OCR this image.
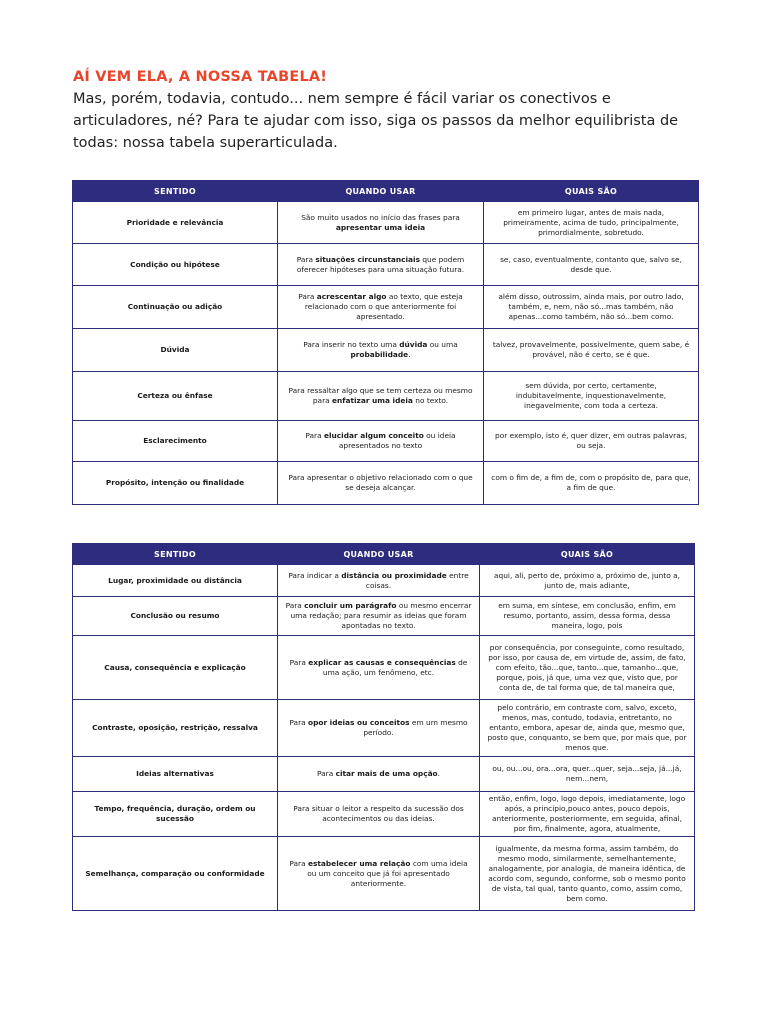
AÍ VEM ELA, A NOSSA TABELA!

Mas, porém, todavia, contudo... nem sempre é fácil variar os conectivos e articuladores, né? Para te ajudar com isso, siga os passos da melhor equilibrista de todas: nossa tabela superarticulada.

SENTIDO	QUANDO USAR	QUAIS SÃO
Prioridade e relevância	São muito usados no início das frases para apresentar uma ideia	em primeiro lugar, antes de mais nada, primeiramente, acima de tudo, principalmente, primordialmente, sobretudo.
Condição ou hipótese	Para situações circunstanciais que podem oferecer hipóteses para uma situação futura.	se, caso, eventualmente, contanto que, salvo se, desde que.
Continuação ou adição	Para acrescentar algo ao texto, que esteja relacionado com o que anteriormente foi apresentado.	além disso, outrossim, ainda mais, por outro lado, também, e, nem, não só...mas também, não apenas...como também, não só...bem como.
Dúvida	Para inserir no texto uma dúvida ou uma probabilidade.	talvez, provavelmente, possivelmente, quem sabe, é provável, não é certo, se é que.
Certeza ou ênfase	Para ressaltar algo que se tem certeza ou mesmo para enfatizar uma ideia no texto.	sem dúvida, por certo, certamente, indubitavelmente, inquestionavelmente, inegavelmente, com toda a certeza.
Esclarecimento	Para elucidar algum conceito ou ideia apresentados no texto	por exemplo, isto é, quer dizer, em outras palavras, ou seja.
Propósito, intenção ou finalidade	Para apresentar o objetivo relacionado com o que se deseja alcançar.	com o fim de, a fim de, com o propósito de, para que, a fim de que.
SENTIDO	QUANDO USAR	QUAIS SÃO
Lugar, proximidade ou distância	Para indicar a distância ou proximidade entre coisas.	aqui, ali, perto de, próximo a, próximo de, junto a, junto de, mais adiante,
Conclusão ou resumo	Para concluir um parágrafo ou mesmo encerrar uma redação; para resumir as ideias que foram apontadas no texto.	em suma, em síntese, em conclusão, enfim, em resumo, portanto, assim, dessa forma, dessa maneira, logo, pois
Causa, consequência e explicação	Para explicar as causas e consequências de uma ação, um fenômeno, etc.	por consequência, por conseguinte, como resultado, por isso, por causa de, em virtude de, assim, de fato, com efeito, tão...que, tanto...que, tamanho...que, porque, pois, já que, uma vez que, visto que, por conta de, de tal forma que, de tal maneira que,
Contraste, oposição, restrição, ressalva	Para opor ideias ou conceitos em um mesmo período.	pelo contrário, em contraste com, salvo, exceto, menos, mas, contudo, todavia, entretanto, no entanto, embora, apesar de, ainda que, mesmo que, posto que, conquanto, se bem que, por mais que, por menos que.
Ideias alternativas	Para citar mais de uma opção.	ou, ou...ou, ora...ora, quer...quer, seja...seja, já...já, nem...nem,
Tempo, frequência, duração, ordem ou sucessão	Para situar o leitor a respeito da sucessão dos acontecimentos ou das ideias.	então, enfim, logo, logo depois, imediatamente, logo após, a princípio,pouco antes, pouco depois, anteriormente, posteriormente, em seguida, afinal, por fim, finalmente, agora, atualmente,
Semelhança, comparação ou conformidade	Para estabelecer uma relação com uma ideia ou um conceito que já foi apresentado anteriormente.	igualmente, da mesma forma, assim também, do mesmo modo, similarmente, semelhantemente, analogamente, por analogia, de maneira idêntica, de acordo com, segundo, conforme, sob o mesmo ponto de vista, tal qual, tanto quanto, como, assim como, bem como.
